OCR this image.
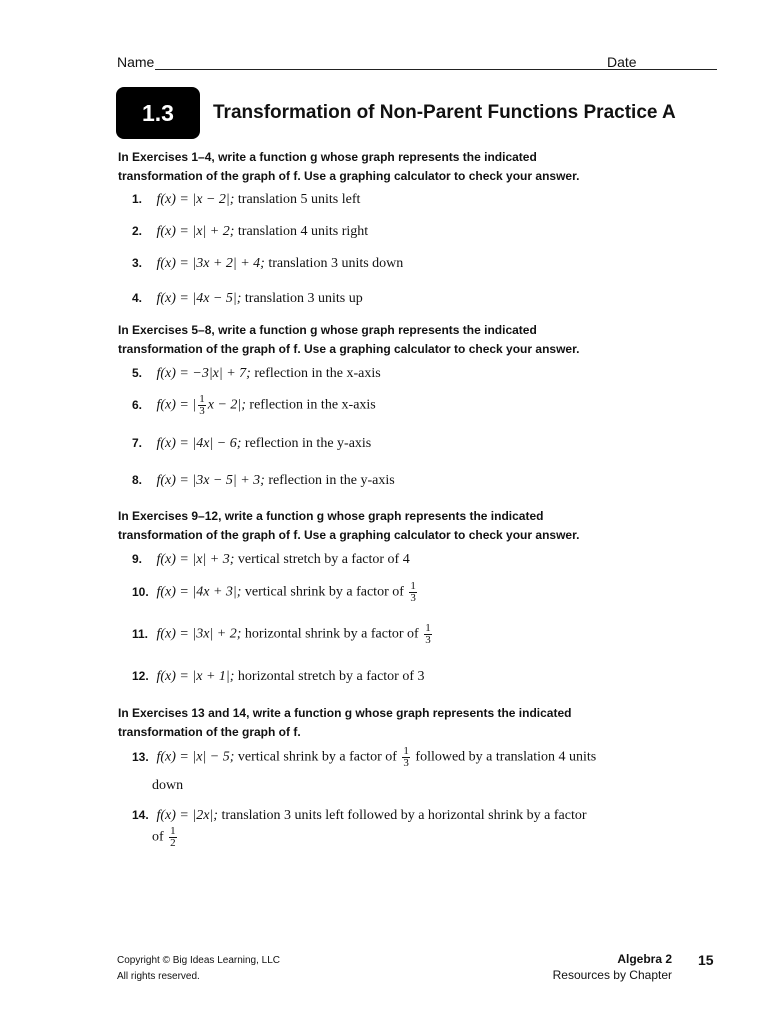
Name	Date
1.3	Transformation of Non-Parent Functions Practice A
In Exercises 1–4, write a function g whose graph represents the indicated
transformation of the graph of f. Use a graphing calculator to check your answer.
1. f(x) = |x − 2|; translation 5 units left
2. f(x) = |x| + 2; translation 4 units right
3. f(x) = |3x + 2| + 4; translation 3 units down
4. f(x) = |4x − 5|; translation 3 units up
In Exercises 5–8, write a function g whose graph represents the indicated
transformation of the graph of f. Use a graphing calculator to check your answer.
5. f(x) = −3|x| + 7; reflection in the x-axis
6. f(x) = | $\frac{1}{3}$ x − 2|; reflection in the x-axis
7. f(x) = |4x| − 6; reflection in the y-axis
8. f(x) = |3x − 5| + 3; reflection in the y-axis
In Exercises 9–12, write a function g whose graph represents the indicated
transformation of the graph of f. Use a graphing calculator to check your answer.
9. f(x) = |x| + 3; vertical stretch by a factor of 4
10. f(x) = |4x + 3|; vertical shrink by a factor of $\frac{1}{3}$
11. f(x) = |3x| + 2; horizontal shrink by a factor of $\frac{1}{3}$
12. f(x) = |x + 1|; horizontal stretch by a factor of 3
In Exercises 13 and 14, write a function g whose graph represents the indicated
transformation of the graph of f.
13. f(x) = |x| − 5; vertical shrink by a factor of $\frac{1}{3}$ followed by a translation 4 units
down
14. f(x) = |2x|; translation 3 units left followed by a horizontal shrink by a factor
of $\frac{1}{2}$
Copyright © Big Ideas Learning, LLC
All rights reserved.
Algebra 2
Resources by Chapter
15
